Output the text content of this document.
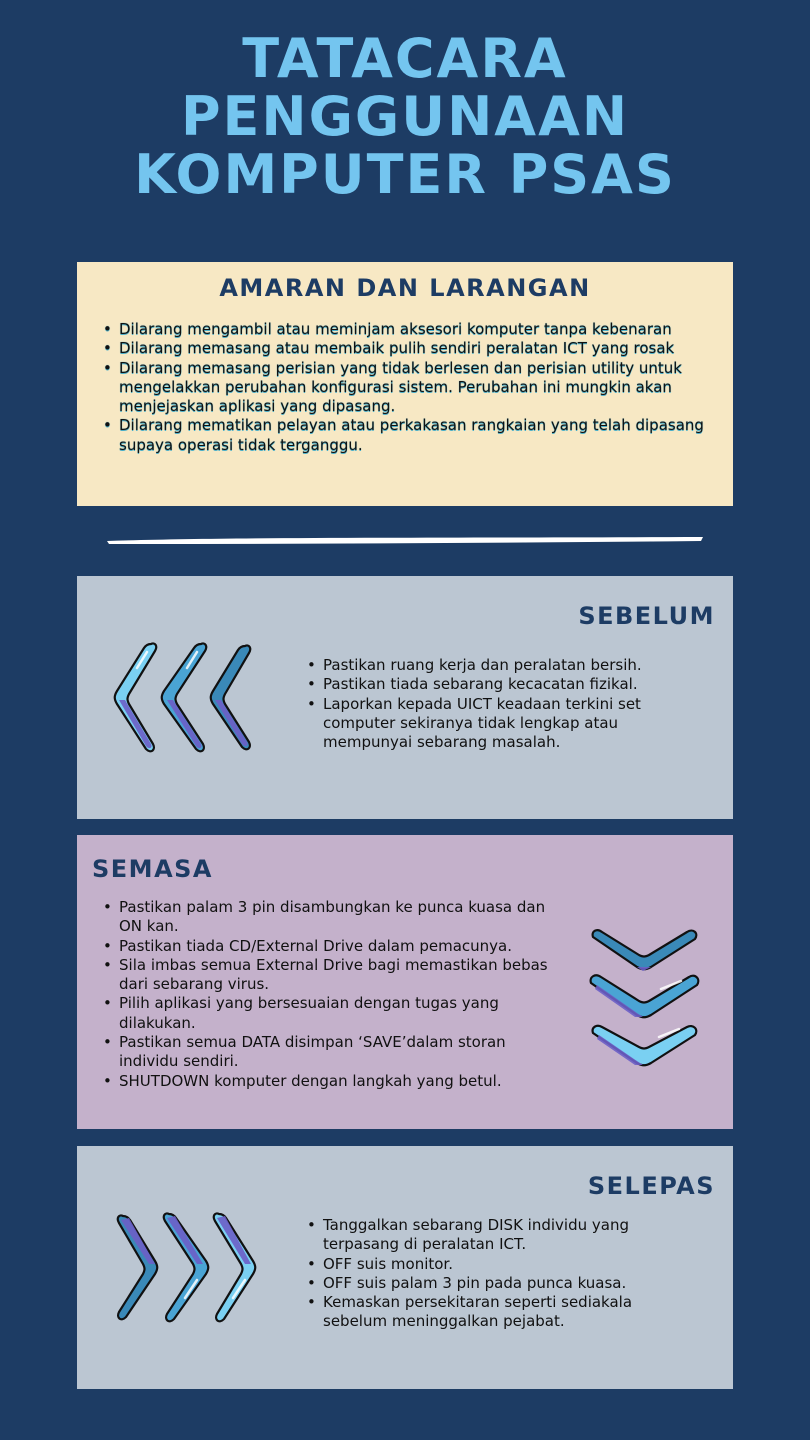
TATACARA
PENGGUNAAN
KOMPUTER PSAS
AMARAN DAN LARANGAN
• Dilarang mengambil atau meminjam aksesori komputer tanpa kebenaran
• Dilarang memasang atau membaik pulih sendiri peralatan ICT yang rosak
• Dilarang memasang perisian yang tidak berlesen dan perisian utility untuk mengelakkan perubahan konfigurasi sistem. Perubahan ini mungkin akan menjejaskan aplikasi yang dipasang.
• Dilarang mematikan pelayan atau perkakasan rangkaian yang telah dipasang supaya operasi tidak terganggu.
SEBELUM
• Pastikan ruang kerja dan peralatan bersih.
• Pastikan tiada sebarang kecacatan fizikal.
• Laporkan kepada UICT keadaan terkini set computer sekiranya tidak lengkap atau mempunyai sebarang masalah.
SEMASA
• Pastikan palam 3 pin disambungkan ke punca kuasa dan ON kan.
• Pastikan tiada CD/External Drive dalam pemacunya.
• Sila imbas semua External Drive bagi memastikan bebas dari sebarang virus.
• Pilih aplikasi yang bersesuaian dengan tugas yang dilakukan.
• Pastikan semua DATA disimpan ‘SAVE’dalam storan individu sendiri.
• SHUTDOWN komputer dengan langkah yang betul.
SELEPAS
• Tanggalkan sebarang DISK individu yang terpasang di peralatan ICT.
• OFF suis monitor.
• OFF suis palam 3 pin pada punca kuasa.
• Kemaskan persekitaran seperti sediakala sebelum meninggalkan pejabat.
